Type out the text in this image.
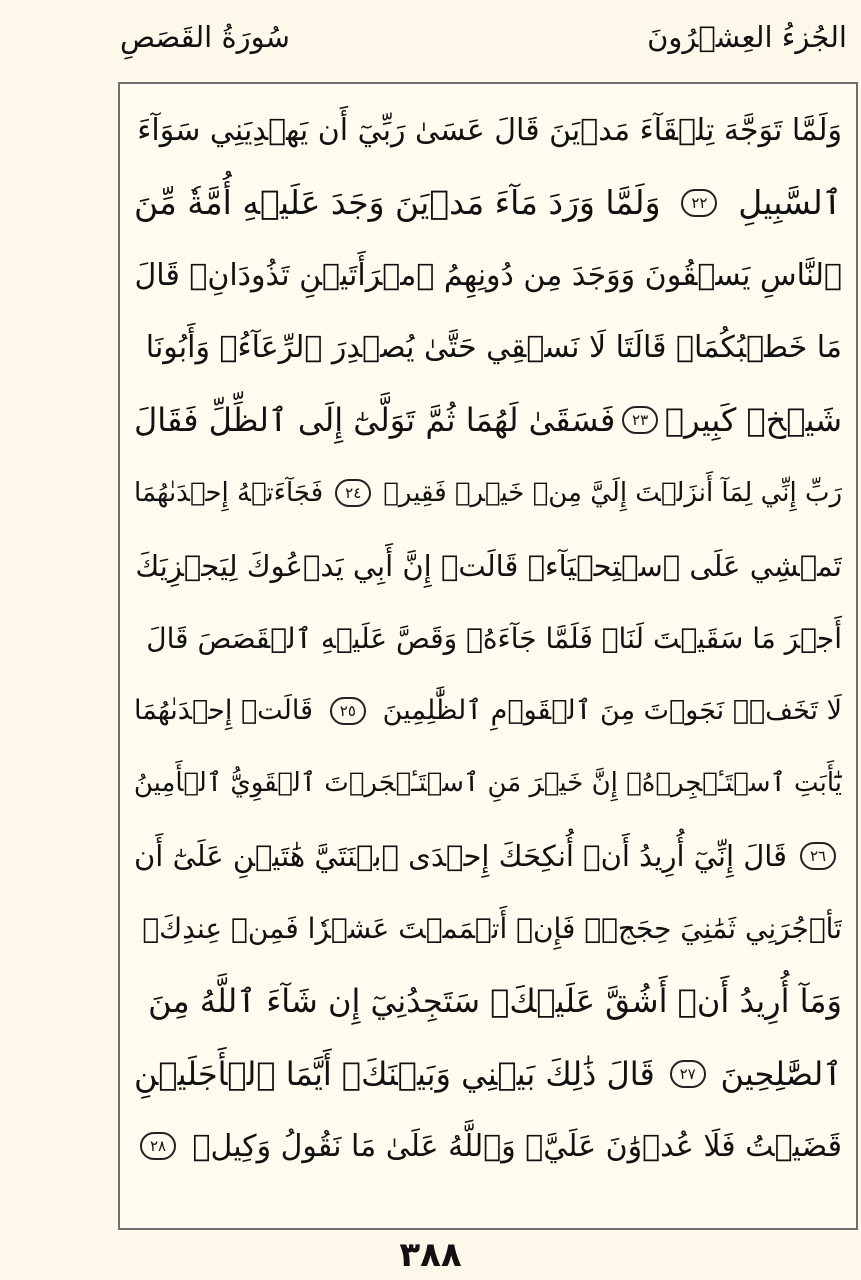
الجُزءُ العِشۡرُونَ
سُورَةُ القَصَصِ
وَلَمَّا تَوَجَّهَ تِلۡقَآءَ مَدۡيَنَ قَالَ عَسَىٰ رَبِّيٓ أَن يَهۡدِيَنِي سَوَآءَ
ٱلسَّبِيلِ
٢٢
وَلَمَّا وَرَدَ مَآءَ مَدۡيَنَ وَجَدَ عَلَيۡهِ أُمَّةٗ مِّنَ
ٱلنَّاسِ يَسۡقُونَ وَوَجَدَ مِن دُونِهِمُ ٱمۡرَأَتَيۡنِ تَذُودَانِۖ قَالَ
مَا خَطۡبُكُمَاۖ قَالَتَا لَا نَسۡقِي حَتَّىٰ يُصۡدِرَ ٱلرِّعَآءُۖ وَأَبُونَا
شَيۡخٞ كَبِيرٞ
٢٣
فَسَقَىٰ لَهُمَا ثُمَّ تَوَلَّىٰٓ إِلَى ٱلظِّلِّ فَقَالَ
رَبِّ إِنِّي لِمَآ أَنزَلۡتَ إِلَيَّ مِنۡ خَيۡرٖ فَقِيرٞ
٢٤
فَجَآءَتۡهُ إِحۡدَىٰهُمَا
تَمۡشِي عَلَى ٱسۡتِحۡيَآءٖ قَالَتۡ إِنَّ أَبِي يَدۡعُوكَ لِيَجۡزِيَكَ
أَجۡرَ مَا سَقَيۡتَ لَنَاۚ فَلَمَّا جَآءَهُۥ وَقَصَّ عَلَيۡهِ ٱلۡقَصَصَ قَالَ
لَا تَخَفۡۖ نَجَوۡتَ مِنَ ٱلۡقَوۡمِ ٱلظَّٰلِمِينَ
٢٥
قَالَتۡ إِحۡدَىٰهُمَا
يَٰٓأَبَتِ ٱسۡتَـٔۡجِرۡهُۖ إِنَّ خَيۡرَ مَنِ ٱسۡتَـٔۡجَرۡتَ ٱلۡقَوِيُّ ٱلۡأَمِينُ
٢٦
قَالَ إِنِّيٓ أُرِيدُ أَنۡ أُنكِحَكَ إِحۡدَى ٱبۡنَتَيَّ هَٰتَيۡنِ عَلَىٰٓ أَن
تَأۡجُرَنِي ثَمَٰنِيَ حِجَجٖۖ فَإِنۡ أَتۡمَمۡتَ عَشۡرٗا فَمِنۡ عِندِكَۖ
وَمَآ أُرِيدُ أَنۡ أَشُقَّ عَلَيۡكَۚ سَتَجِدُنِيٓ إِن شَآءَ ٱللَّهُ مِنَ
ٱلصَّٰلِحِينَ
٢٧
قَالَ ذَٰلِكَ بَيۡنِي وَبَيۡنَكَۖ أَيَّمَا ٱلۡأَجَلَيۡنِ
قَضَيۡتُ فَلَا عُدۡوَٰنَ عَلَيَّۖ وَٱللَّهُ عَلَىٰ مَا نَقُولُ وَكِيلٞ
٢٨
٣٨٨
